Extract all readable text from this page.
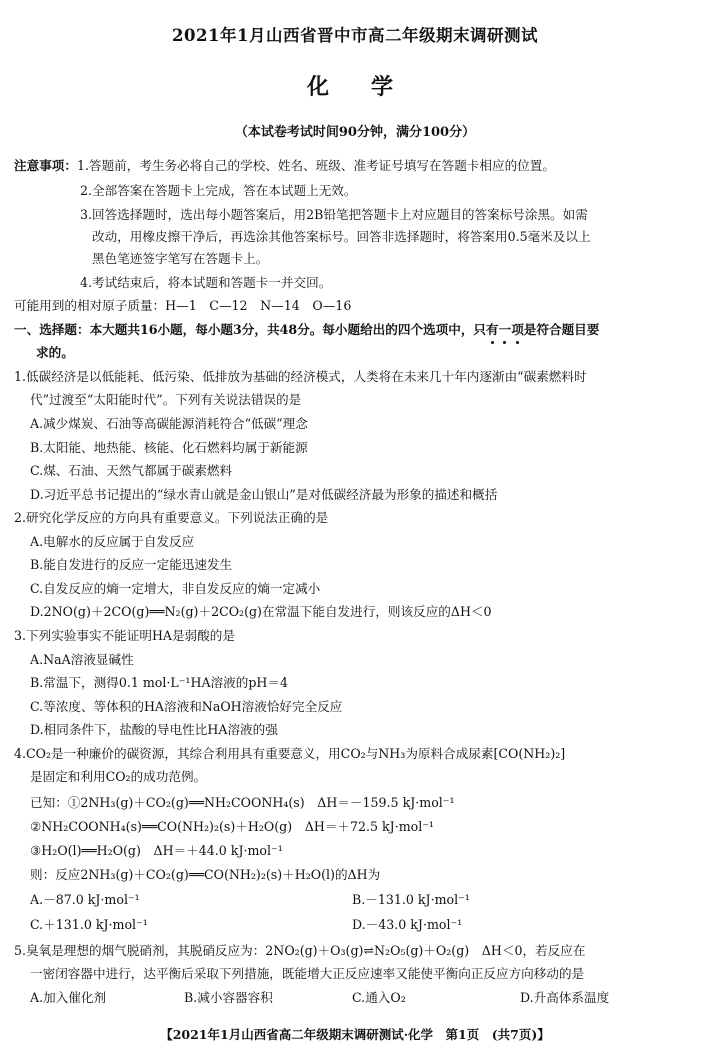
2021年1月山西省晋中市高二年级期末调研测试
化　学
（本试卷考试时间90分钟，满分100分）
注意事项：1.答题前，考生务必将自己的学校、姓名、班级、准考证号填写在答题卡相应的位置。
2.全部答案在答题卡上完成，答在本试题上无效。
3.回答选择题时，选出每小题答案后，用2B铅笔把答题卡上对应题目的答案标号涂黑。如需
改动，用橡皮擦干净后，再选涂其他答案标号。回答非选择题时，将答案用0.5毫米及以上
黑色笔迹签字笔写在答题卡上。
4.考试结束后，将本试题和答题卡一并交回。
可能用到的相对原子质量：H—1　C—12　N—14　O—16
一、选择题：本大题共16小题，每小题3分，共48分。每小题给出的四个选项中，只有
一
项
是符合题目要
求的。
1.低碳经济是以低能耗、低污染、低排放为基础的经济模式，人类将在未来几十年内逐渐由“碳素燃料时
代”过渡至“太阳能时代”。下列有关说法错误的是
A.减少煤炭、石油等高碳能源消耗符合“低碳”理念
B.太阳能、地热能、核能、化石燃料均属于新能源
C.煤、石油、天然气都属于碳素燃料
D.习近平总书记提出的“绿水青山就是金山银山”是对低碳经济最为形象的描述和概括
2.研究化学反应的方向具有重要意义。下列说法正确的是
A.电解水的反应属于自发反应
B.能自发进行的反应一定能迅速发生
C.自发反应的熵一定增大，非自发反应的熵一定减小
D.2NO(g)＋2CO(g)══N₂(g)＋2CO₂(g)在常温下能自发进行，则该反应的ΔH＜0
3.下列实验事实不能证明HA是弱酸的是
A.NaA溶液显碱性
B.常温下，测得0.1 mol·L⁻¹HA溶液的pH＝4
C.等浓度、等体积的HA溶液和NaOH溶液恰好完全反应
D.相同条件下，盐酸的导电性比HA溶液的强
4.CO₂是一种廉价的碳资源，其综合利用具有重要意义，用CO₂与NH₃为原料合成尿素[CO(NH₂)₂]
是固定和利用CO₂的成功范例。
已知：①2NH₃(g)＋CO₂(g)══NH₂COONH₄(s)　ΔH＝－159.5 kJ·mol⁻¹
②NH₂COONH₄(s)══CO(NH₂)₂(s)＋H₂O(g)　ΔH＝＋72.5 kJ·mol⁻¹
③H₂O(l)══H₂O(g)　ΔH＝＋44.0 kJ·mol⁻¹
则：反应2NH₃(g)＋CO₂(g)══CO(NH₂)₂(s)＋H₂O(l)的ΔH为
A.－87.0 kJ·mol⁻¹	B.－131.0 kJ·mol⁻¹
C.＋131.0 kJ·mol⁻¹	D.－43.0 kJ·mol⁻¹
5.臭氧是理想的烟气脱硝剂，其脱硝反应为：2NO₂(g)＋O₃(g)⇌N₂O₅(g)＋O₂(g)　ΔH＜0，若反应在
一密闭容器中进行，达平衡后采取下列措施，既能增大正反应速率又能使平衡向正反应方向移动的是
A.加入催化剂	B.减小容器容积	C.通入O₂	D.升高体系温度
【2021年1月山西省高二年级期末调研测试·化学　第1页　(共7页)】
